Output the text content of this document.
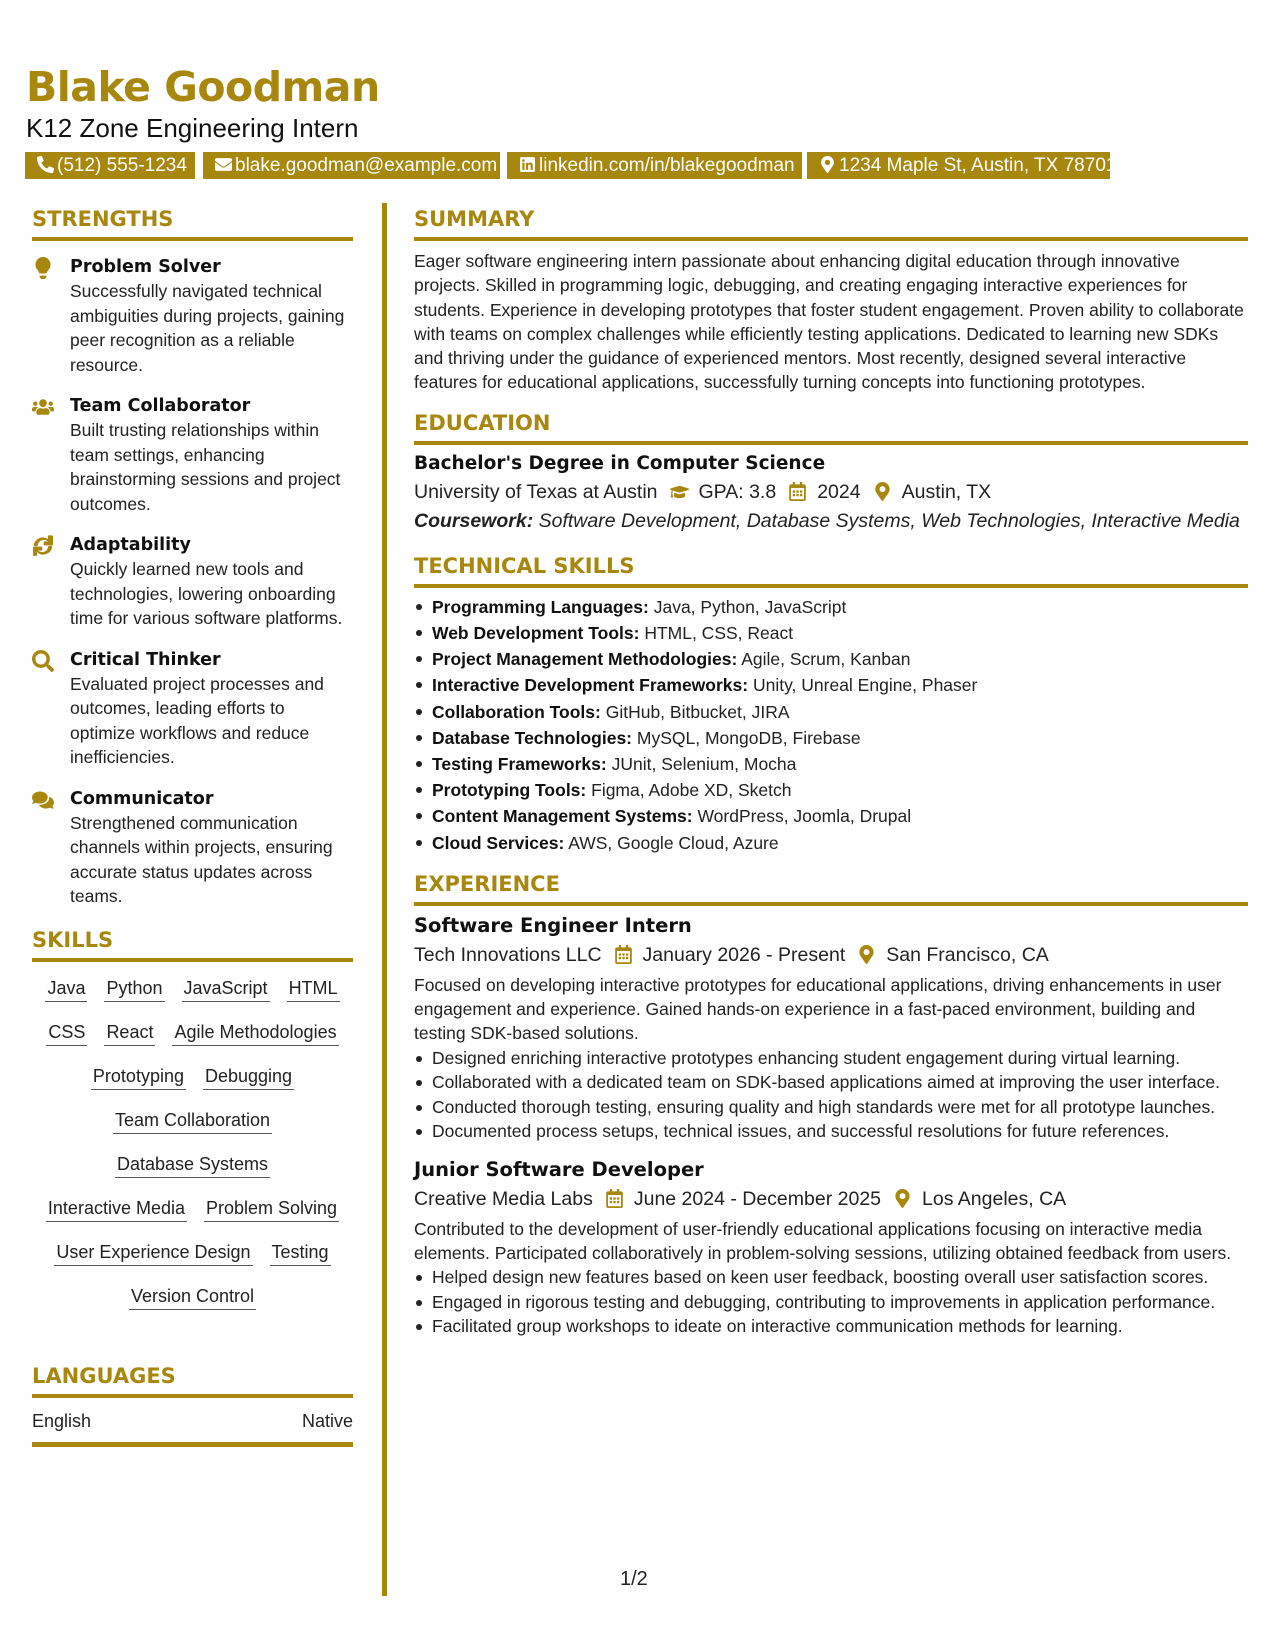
Blake Goodman
K12 Zone Engineering Intern
(512) 555-1234	blake.goodman@example.com	linkedin.com/in/blakegoodman	1234 Maple St, Austin, TX 78701
STRENGTHS
Problem Solver
Successfully navigated technical ambiguities during projects, gaining peer recognition as a reliable resource.
Team Collaborator
Built trusting relationships within team settings, enhancing brainstorming sessions and project outcomes.
Adaptability
Quickly learned new tools and technologies, lowering onboarding time for various software platforms.
Critical Thinker
Evaluated project processes and outcomes, leading efforts to optimize workflows and reduce inefficiencies.
Communicator
Strengthened communication channels within projects, ensuring accurate status updates across teams.
SKILLS
Java Python JavaScript HTML
CSS React Agile Methodologies
Prototyping Debugging
Team Collaboration
Database Systems
Interactive Media Problem Solving
User Experience Design Testing
Version Control
LANGUAGES
English	Native
SUMMARY
Eager software engineering intern passionate about enhancing digital education through innovative projects. Skilled in programming logic, debugging, and creating engaging interactive experiences for students. Experience in developing prototypes that foster student engagement. Proven ability to collaborate with teams on complex challenges while efficiently testing applications. Dedicated to learning new SDKs and thriving under the guidance of experienced mentors. Most recently, designed several interactive features for educational applications, successfully turning concepts into functioning prototypes.
EDUCATION
Bachelor's Degree in Computer Science
University of Texas at Austin GPA: 3.8 2024 Austin, TX
Coursework: Software Development, Database Systems, Web Technologies, Interactive Media
TECHNICAL SKILLS
Programming Languages: Java, Python, JavaScript
Web Development Tools: HTML, CSS, React
Project Management Methodologies: Agile, Scrum, Kanban
Interactive Development Frameworks: Unity, Unreal Engine, Phaser
Collaboration Tools: GitHub, Bitbucket, JIRA
Database Technologies: MySQL, MongoDB, Firebase
Testing Frameworks: JUnit, Selenium, Mocha
Prototyping Tools: Figma, Adobe XD, Sketch
Content Management Systems: WordPress, Joomla, Drupal
Cloud Services: AWS, Google Cloud, Azure
EXPERIENCE
Software Engineer Intern
Tech Innovations LLC January 2026 - Present San Francisco, CA
Focused on developing interactive prototypes for educational applications, driving enhancements in user engagement and experience. Gained hands-on experience in a fast-paced environment, building and testing SDK-based solutions.
Designed enriching interactive prototypes enhancing student engagement during virtual learning.
Collaborated with a dedicated team on SDK-based applications aimed at improving the user interface.
Conducted thorough testing, ensuring quality and high standards were met for all prototype launches.
Documented process setups, technical issues, and successful resolutions for future references.
Junior Software Developer
Creative Media Labs June 2024 - December 2025 Los Angeles, CA
Contributed to the development of user-friendly educational applications focusing on interactive media elements. Participated collaboratively in problem-solving sessions, utilizing obtained feedback from users.
Helped design new features based on keen user feedback, boosting overall user satisfaction scores.
Engaged in rigorous testing and debugging, contributing to improvements in application performance.
Facilitated group workshops to ideate on interactive communication methods for learning.
1/2
